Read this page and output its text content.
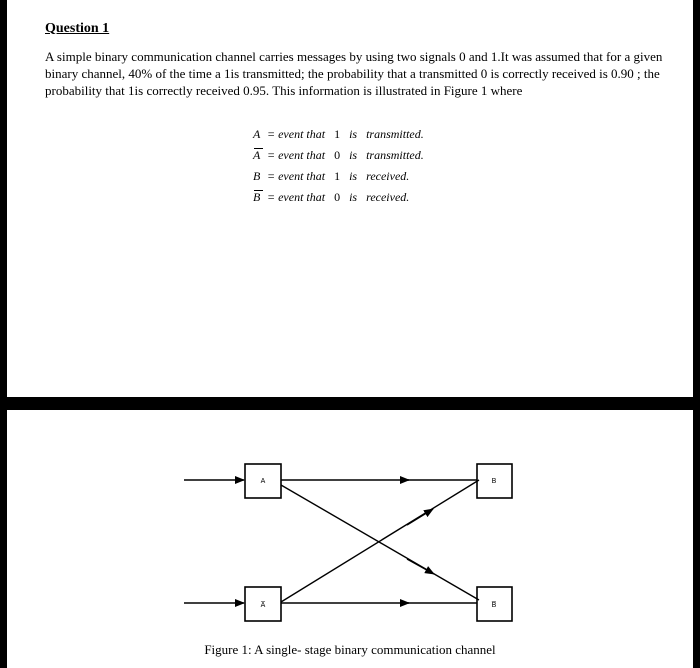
Question 1
A simple binary communication channel carries messages by using two signals 0 and 1.It was assumed that for a given binary channel, 40% of the time a 1is transmitted; the probability that a transmitted 0 is correctly received is 0.90 ; the probability that 1is correctly received 0.95. This information is illustrated in Figure 1 where
A = event that 1 is transmitted.
A = event that 0 is transmitted.
B = event that 1 is received.
B = event that 0 is received.
A
A̅
B
B̅
Figure 1: A single- stage binary communication channel
